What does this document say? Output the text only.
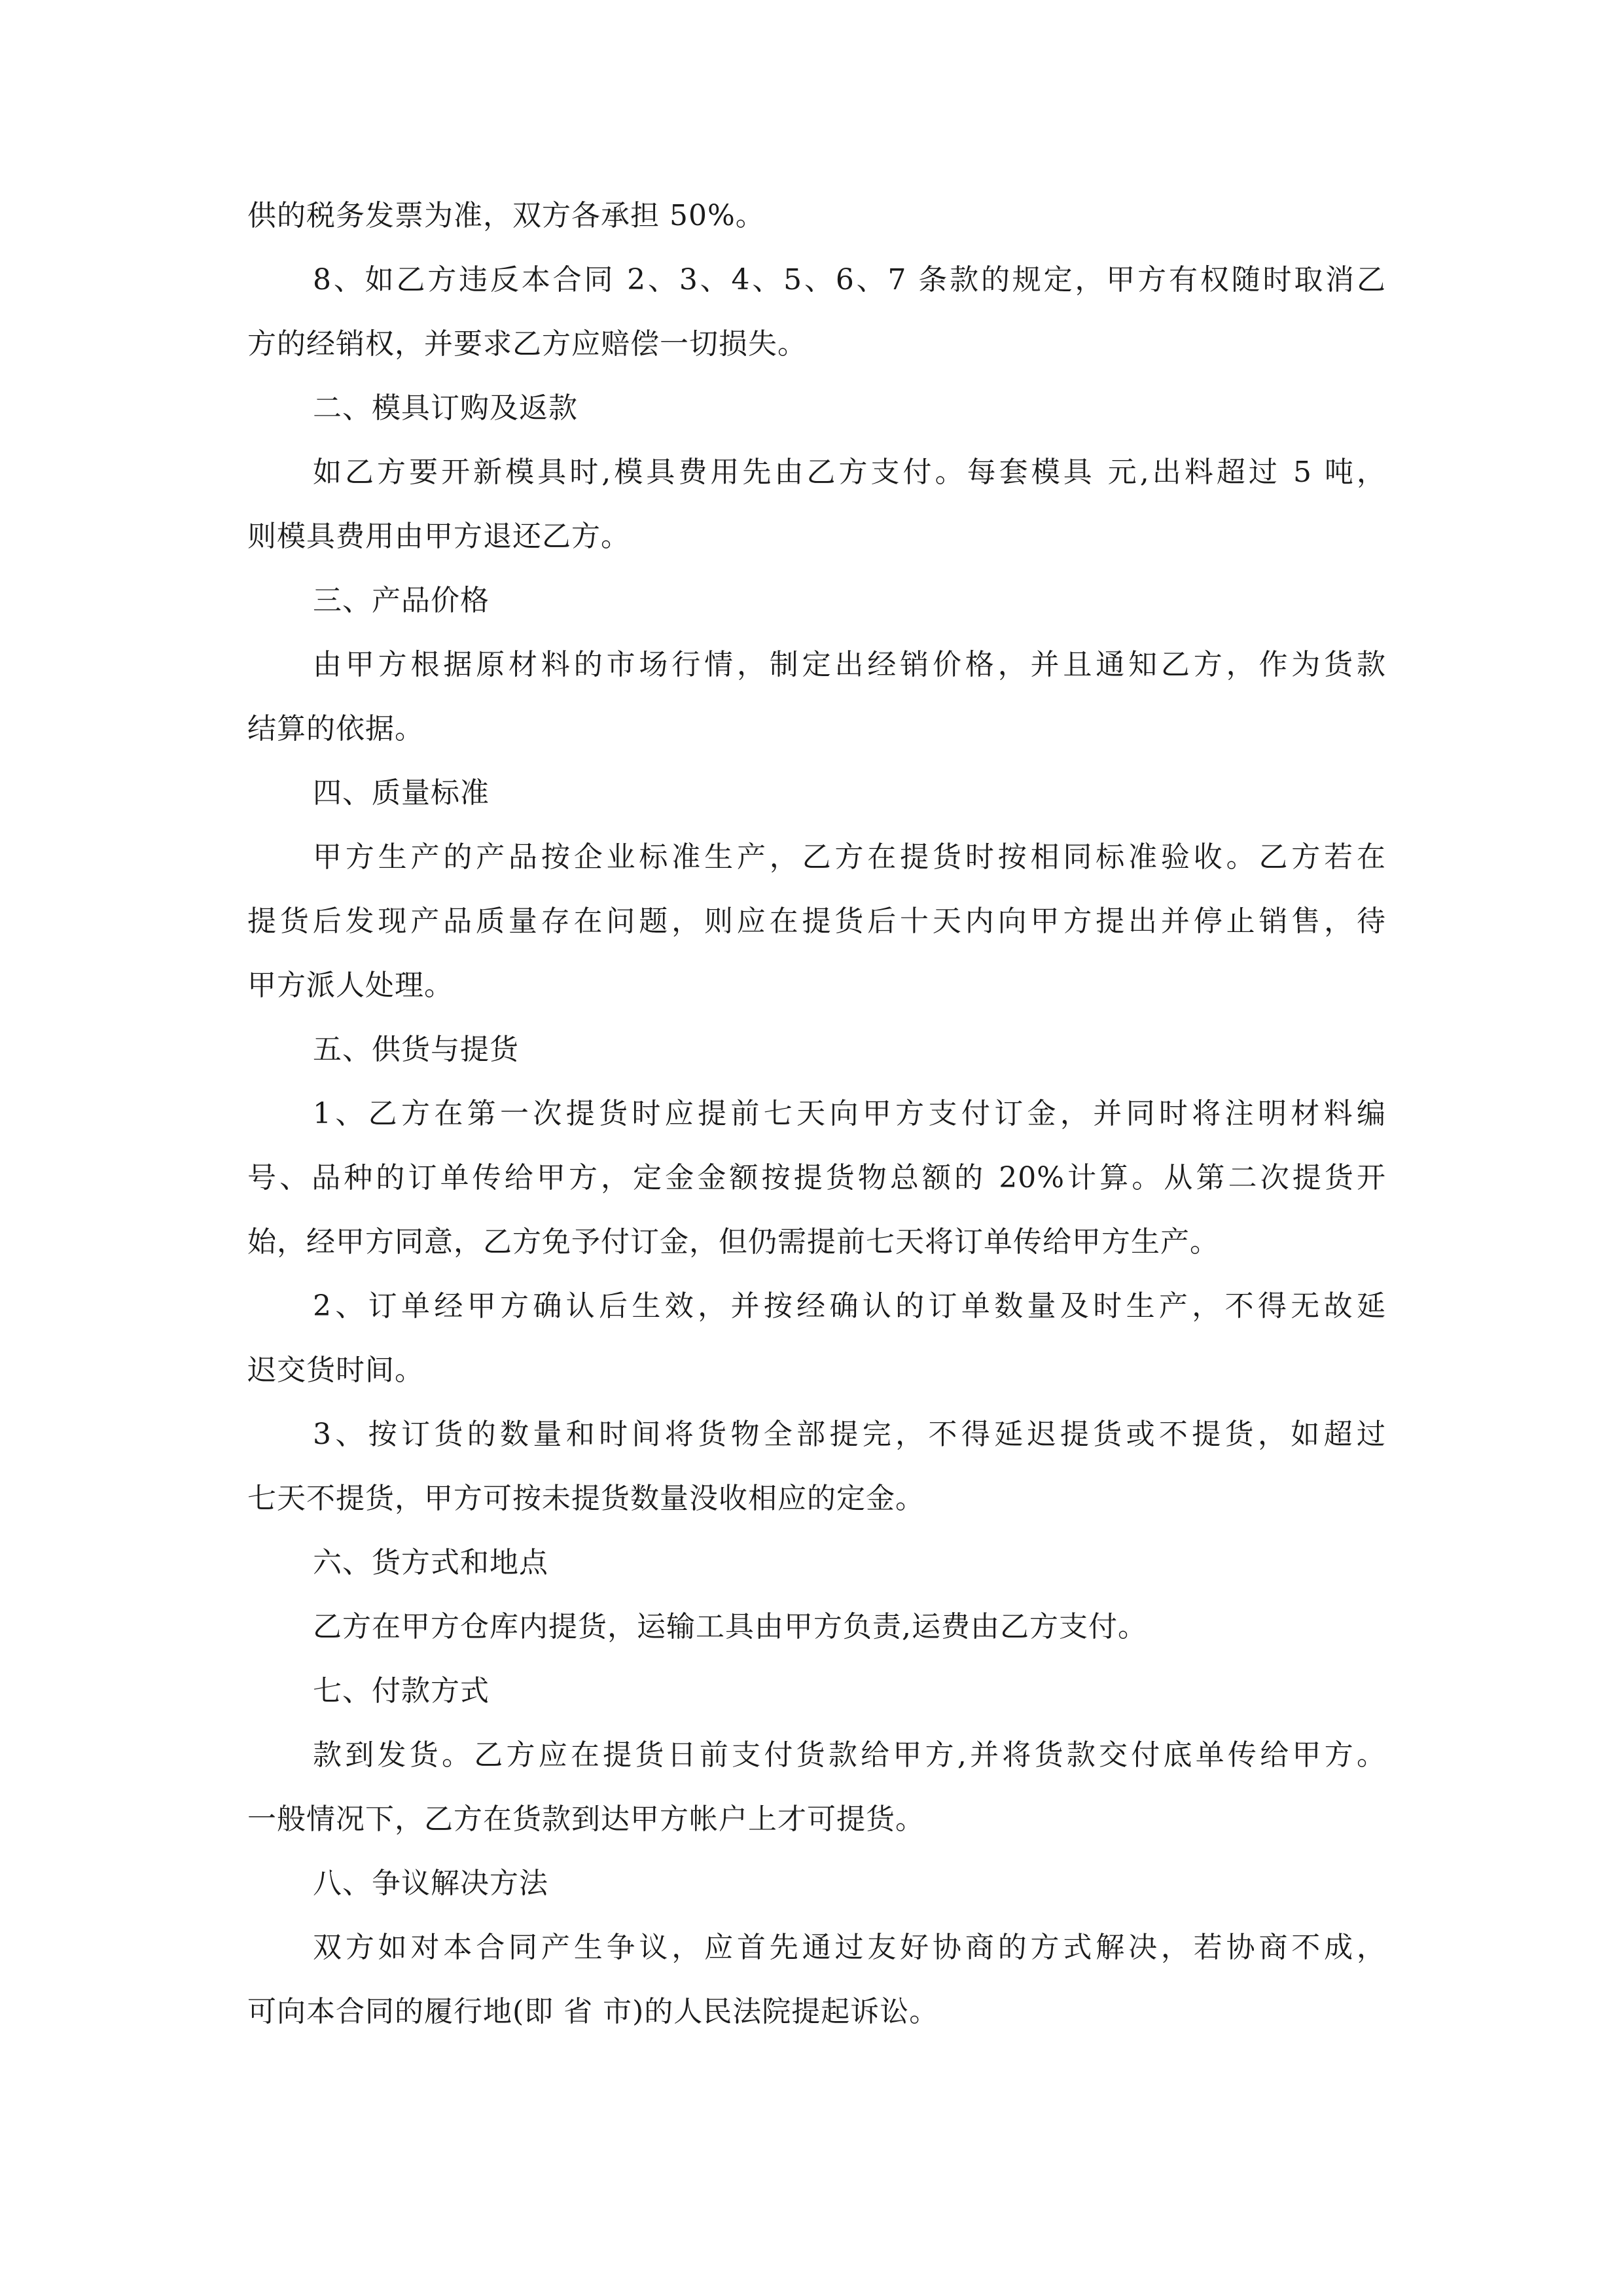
供的税务发票为准，双方各承担 50%。
8、如乙方违反本合同 2、3、4、5、6、7 条款的规定，甲方有权随时取消乙
方的经销权，并要求乙方应赔偿一切损失。
二、模具订购及返款
如乙方要开新模具时,模具费用先由乙方支付。每套模具 元,出料超过 5 吨，
则模具费用由甲方退还乙方。
三、产品价格
由甲方根据原材料的市场行情，制定出经销价格，并且通知乙方，作为货款
结算的依据。
四、质量标准
甲方生产的产品按企业标准生产，乙方在提货时按相同标准验收。乙方若在
提货后发现产品质量存在问题，则应在提货后十天内向甲方提出并停止销售，待
甲方派人处理。
五、供货与提货
1、乙方在第一次提货时应提前七天向甲方支付订金，并同时将注明材料编
号、品种的订单传给甲方，定金金额按提货物总额的 20%计算。从第二次提货开
始，经甲方同意，乙方免予付订金，但仍需提前七天将订单传给甲方生产。
2、订单经甲方确认后生效，并按经确认的订单数量及时生产，不得无故延
迟交货时间。
3、按订货的数量和时间将货物全部提完，不得延迟提货或不提货，如超过
七天不提货，甲方可按未提货数量没收相应的定金。
六、货方式和地点
乙方在甲方仓库内提货，运输工具由甲方负责,运费由乙方支付。
七、付款方式
款到发货。乙方应在提货日前支付货款给甲方,并将货款交付底单传给甲方。
一般情况下，乙方在货款到达甲方帐户上才可提货。
八、争议解决方法
双方如对本合同产生争议，应首先通过友好协商的方式解决，若协商不成，
可向本合同的履行地(即 省 市)的人民法院提起诉讼。
